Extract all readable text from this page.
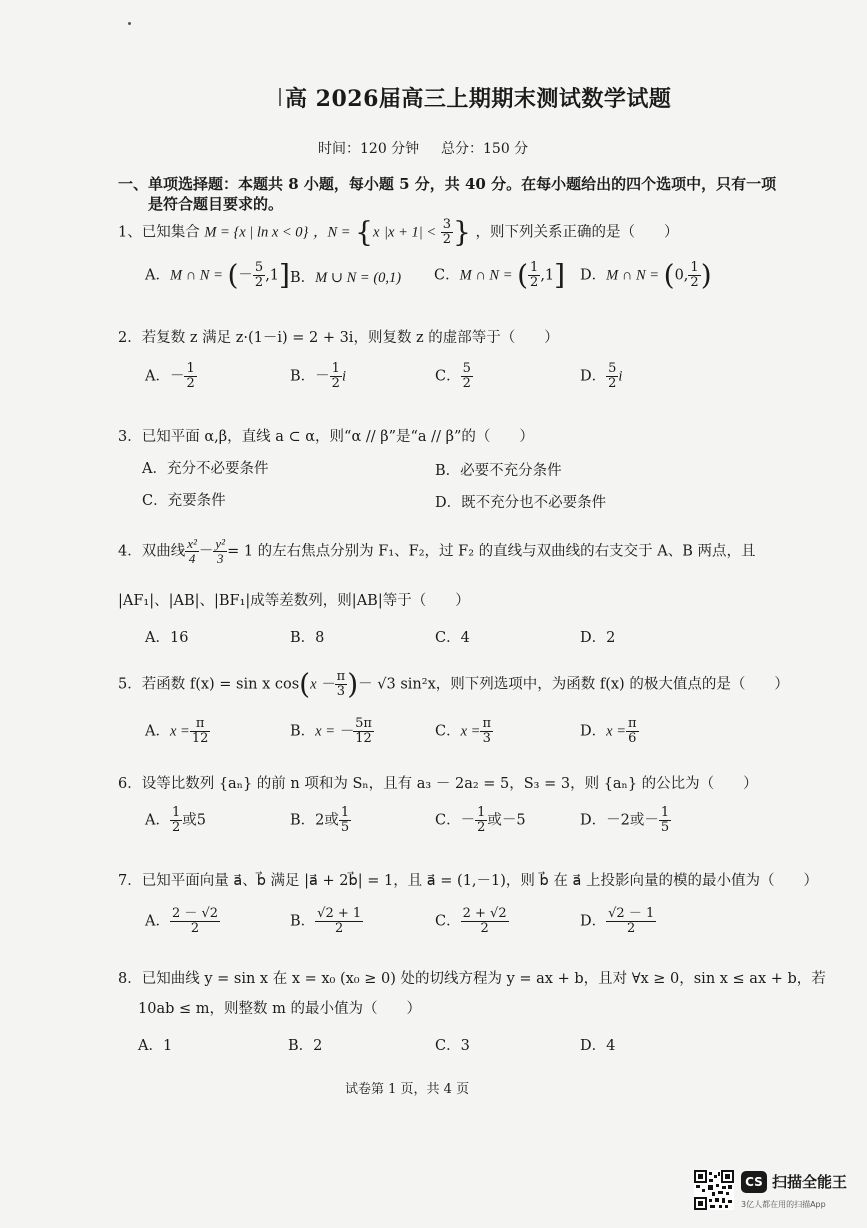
高 2026届高三上期期末测试数学试题
时间：120 分钟 总分：150 分
一、单项选择题：本题共 8 小题，每小题 5 分，共 40 分。在每小题给出的四个选项中，只有一项
是符合题目要求的。
1、已知集合 M = {x | ln x < 0} ，N = {x $|x + 1| < \frac{3}{2}$ } ，则下列关系正确的是（　　）
A．M ∩ N = (－ $\frac{5}{2} ,1$] B．M ∪ N = (0,1) C．M ∩ N = ( $\frac{1}{2} ,1$] D．M ∩ N = (0, $\frac{1}{2}$ )
2．若复数 z 满足 z·(1－i) = 2 + 3i，则复数 z 的虚部等于（　　）
A．－ $\frac{1}{2}$	B．－ $\frac{1}{2}$ i	C． $\frac{5}{2}$	D． $\frac{5}{2}$ i
3．已知平面 α,β，直线 a ⊂ α，则“α // β”是“a // β”的（　　）
A．充分不必要条件	B．必要不充分条件
C．充要条件	D．既不充分也不必要条件
4．双曲线 $\frac{\text{x²}}{4} - \frac{\text{y²}}{3} = 1$ 的左右焦点分别为 F₁、F₂，过 F₂ 的直线与双曲线的右支交于 A、B 两点，且
|AF₁|、|AB|、|BF₁|成等差数列，则|AB|等于（　　）
A．16	B．8	C．4	D．2
5．若函数 f(x) = sin x $\cos(x - \frac{\pi}{3}$ )－ √3 sin²x，则下列选项中，为函数 f(x) 的极大值点的是（　　）
A．$x = \frac{\pi}{12}$	B．x = － $\frac{5\pi}{12}$	C．$x = \frac{\pi}{3}$	D．$x = \frac{\pi}{6}$
6．设等比数列 {aₙ} 的前 n 项和为 Sₙ，且有 a₃ － 2a₂ = 5，S₃ = 3，则 {aₙ} 的公比为（　　）
A． $\frac{1}{2}$ 或5	B．2或 $\frac{1}{5}$	C．－ $\frac{1}{2}$ 或－5	D．－2或－ $\frac{1}{5}$
7．已知平面向量 a⃗、b⃗ 满足 |a⃗ + 2b⃗| = 1，且 a⃗ = (1,－1)，则 b⃗ 在 a⃗ 上投影向量的模的最小值为（　　）
A． $\frac{2 - √2}{2}$	B． $\frac{√2 + 1}{2}$	C． $\frac{2 + √2}{2}$	D． $\frac{√2 - 1}{2}$
8．已知曲线 y = sin x 在 x = x₀ (x₀ ≥ 0) 处的切线方程为 y = ax + b，且对 ∀x ≥ 0，sin x ≤ ax + b，若
10ab ≤ m，则整数 m 的最小值为（　　）
A．1	B．2	C．3	D．4
试卷第 1 页，共 4 页
CS 扫描全能王
3亿人都在用的扫描App
